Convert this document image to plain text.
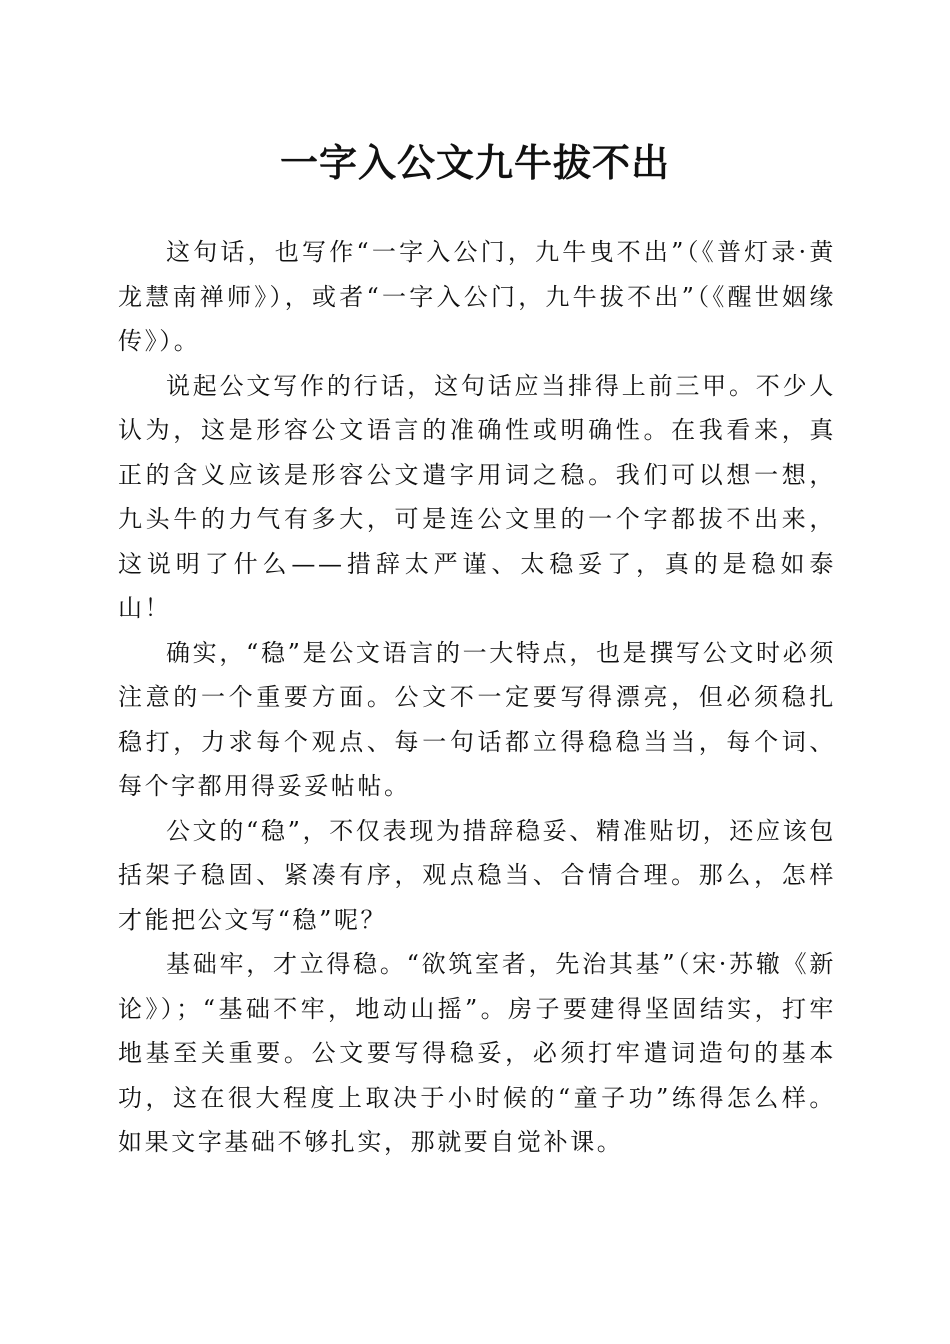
一字入公文九牛拔不出

这句话，也写作“一字入公门，九牛曳不出”（《普灯录·黄龙慧南禅师》），或者“一字入公门，九牛拔不出”（《醒世姻缘传》）。

说起公文写作的行话，这句话应当排得上前三甲。不少人认为，这是形容公文语言的准确性或明确性。在我看来，真正的含义应该是形容公文遣字用词之稳。我们可以想一想，九头牛的力气有多大，可是连公文里的一个字都拔不出来，这说明了什么——措辞太严谨、太稳妥了，真的是稳如泰山！

确实，“稳”是公文语言的一大特点，也是撰写公文时必须注意的一个重要方面。公文不一定要写得漂亮，但必须稳扎稳打，力求每个观点、每一句话都立得稳稳当当，每个词、每个字都用得妥妥帖帖。

公文的“稳”，不仅表现为措辞稳妥、精准贴切，还应该包括架子稳固、紧凑有序，观点稳当、合情合理。那么，怎样才能把公文写“稳”呢？

基础牢，才立得稳。“欲筑室者，先治其基”（宋·苏辙《新论》）；“基础不牢，地动山摇”。房子要建得坚固结实，打牢地基至关重要。公文要写得稳妥，必须打牢遣词造句的基本功，这在很大程度上取决于小时候的“童子功”练得怎么样。如果文字基础不够扎实，那就要自觉补课。
